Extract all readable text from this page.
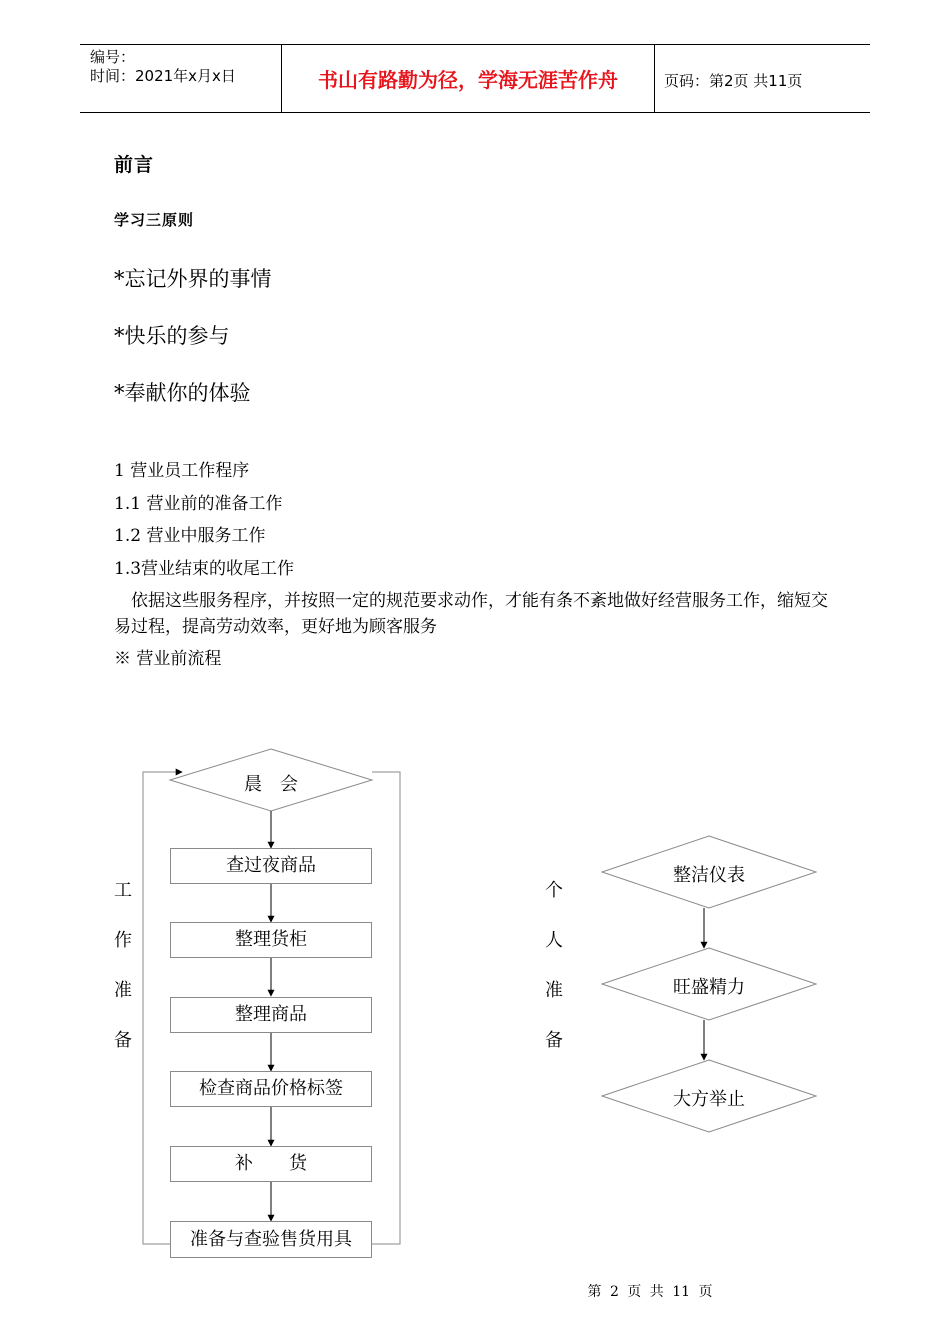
编号：
时间：2021年x月x日	书山有路勤为径，学海无涯苦作舟	页码：第2页 共11页
前言
学习三原则
*忘记外界的事情
*快乐的参与
*奉献你的体验
1 营业员工作程序
1.1 营业前的准备工作
1.2 营业中服务工作
1.3营业结束的收尾工作
依据这些服务程序，并按照一定的规范要求动作，才能有条不紊地做好经营服务工作，缩短交易过程，提高劳动效率，更好地为顾客服务
※ 营业前流程
晨　会
查过夜商品
整理货柜
整理商品
检查商品价格标签
补　　货
准备与查验售货用具
工
作
准
备
个
人
准
备
整洁仪表
旺盛精力
大方举止
第 2 页 共 11 页
